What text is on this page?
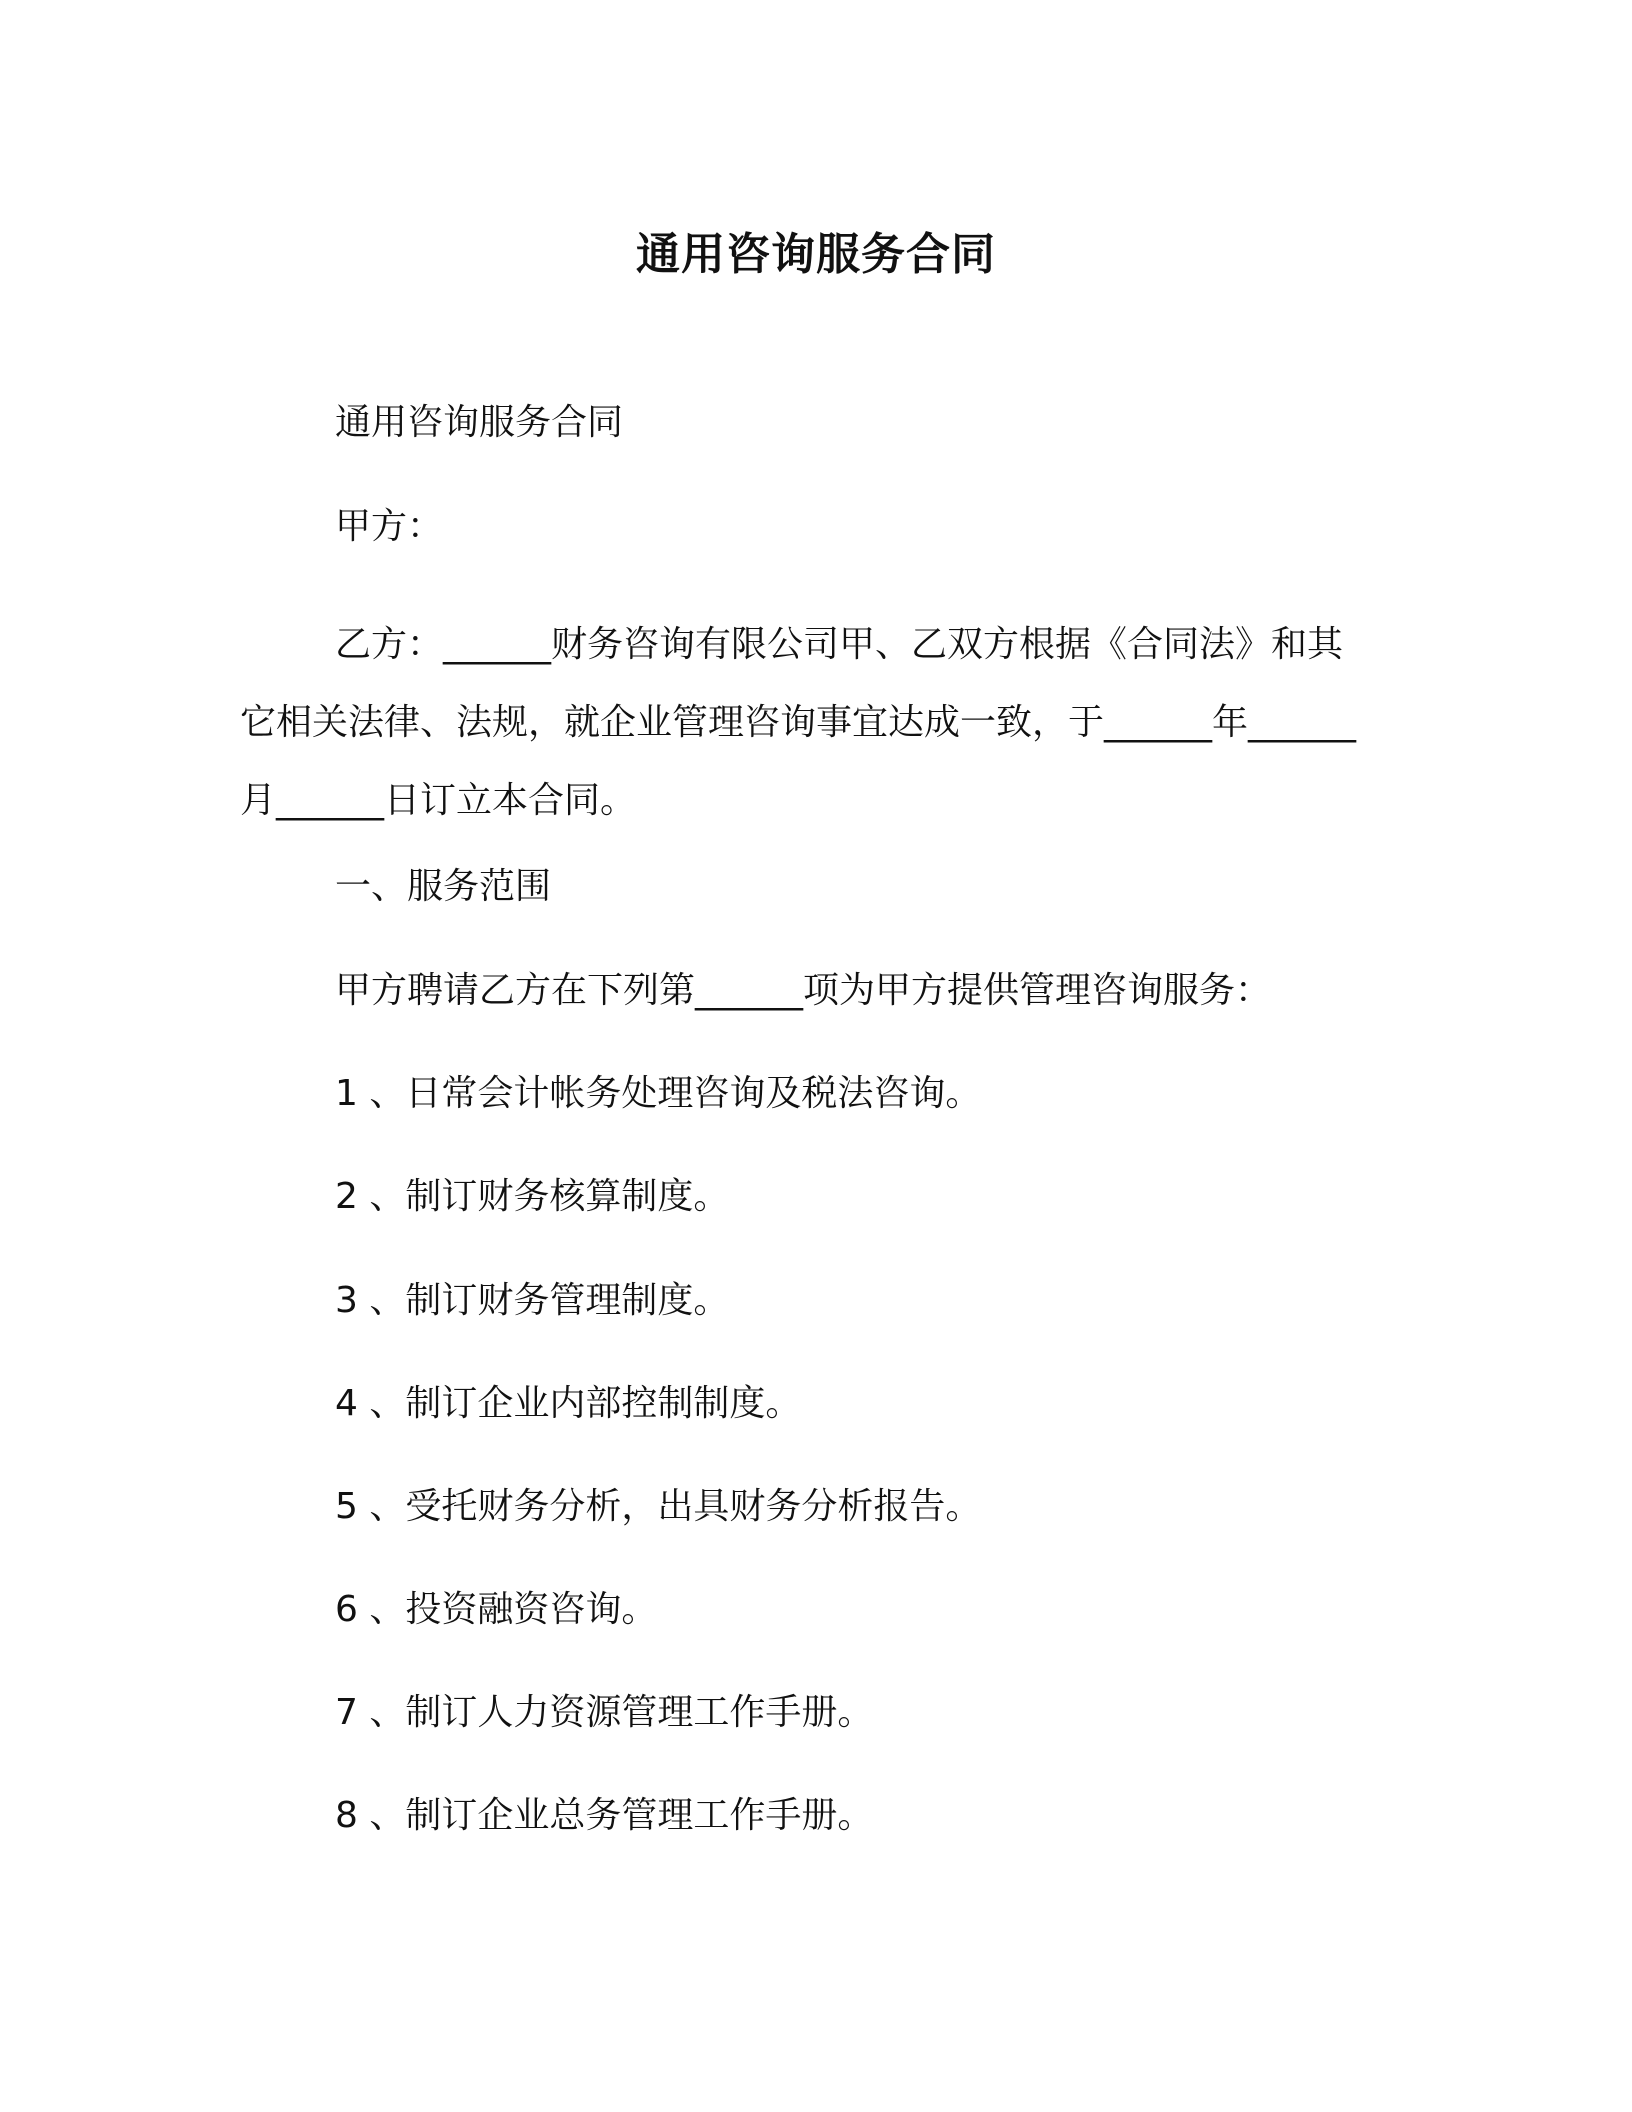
通用咨询服务合同
通用咨询服务合同
甲方：

乙方：______财务咨询有限公司甲、乙双方根据《合同法》和其它相关法律、法规，就企业管理咨询事宜达成一致，于______年______月______日订立本合同。

一、服务范围
甲方聘请乙方在下列第______项为甲方提供管理咨询服务：
1 、日常会计帐务处理咨询及税法咨询。
2 、制订财务核算制度。
3 、制订财务管理制度。
4 、制订企业内部控制制度。
5 、受托财务分析，出具财务分析报告。
6 、投资融资咨询。
7 、制订人力资源管理工作手册。
8 、制订企业总务管理工作手册。
